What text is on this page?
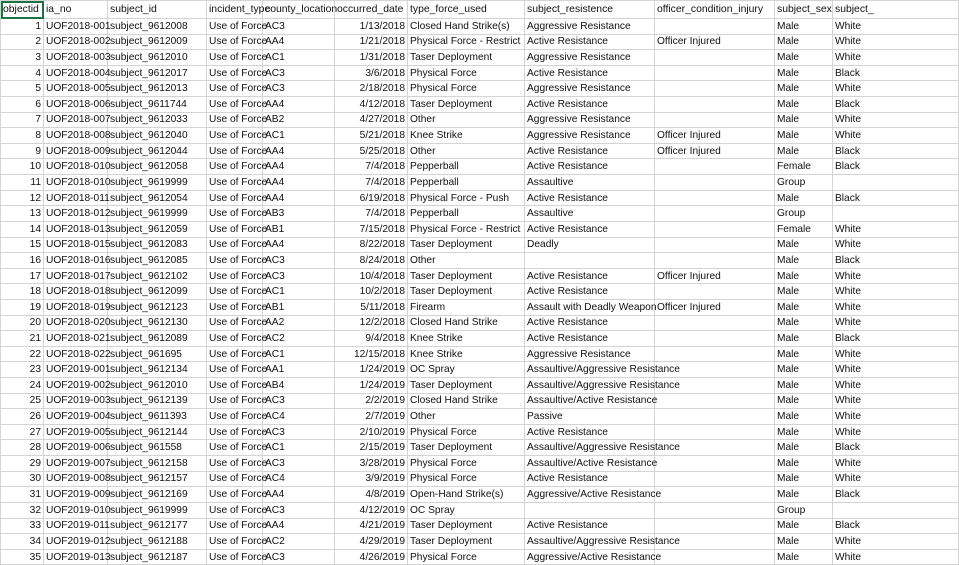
objectid	ia_no	subject_id	incident_type	county_location	occurred_date	type_force_used	subject_resistence	officer_condition_injury	subject_sex	subject_
1	UOF2018-001	subject_9612008	Use of Force	AC3	1/13/2018	Closed Hand Strike(s)	Aggressive Resistance		Male	White
2	UOF2018-002	subject_9612009	Use of Force	AA4	1/21/2018	Physical Force - Restrict	Active Resistance	Officer Injured	Male	White
3	UOF2018-003	subject_9612010	Use of Force	AC1	1/31/2018	Taser Deployment	Aggressive Resistance		Male	White
4	UOF2018-004	subject_9612017	Use of Force	AC3	3/6/2018	Physical Force	Active Resistance		Male	Black
5	UOF2018-005	subject_9612013	Use of Force	AC3	2/18/2018	Physical Force	Aggressive Resistance		Male	White
6	UOF2018-006	subject_9611744	Use of Force	AA4	4/12/2018	Taser Deployment	Active Resistance		Male	Black
7	UOF2018-007	subject_9612033	Use of Force	AB2	4/27/2018	Other	Aggressive Resistance		Male	White
8	UOF2018-008	subject_9612040	Use of Force	AC1	5/21/2018	Knee Strike	Aggressive Resistance	Officer Injured	Male	White
9	UOF2018-009	subject_9612044	Use of Force	AA4	5/25/2018	Other	Active Resistance	Officer Injured	Male	Black
10	UOF2018-010	subject_9612058	Use of Force	AA4	7/4/2018	Pepperball	Active Resistance		Female	Black
11	UOF2018-010	subject_9619999	Use of Force	AA4	7/4/2018	Pepperball	Assaultive		Group	
12	UOF2018-011	subject_9612054	Use of Force	AA4	6/19/2018	Physical Force - Push	Active Resistance		Male	Black
13	UOF2018-012	subject_9619999	Use of Force	AB3	7/4/2018	Pepperball	Assaultive		Group	
14	UOF2018-013	subject_9612059	Use of Force	AB1	7/15/2018	Physical Force - Restrict	Active Resistance		Female	White
15	UOF2018-015	subject_9612083	Use of Force	AA4	8/22/2018	Taser Deployment	Deadly		Male	White
16	UOF2018-016	subject_9612085	Use of Force	AC3	8/24/2018	Other			Male	Black
17	UOF2018-017	subject_9612102	Use of Force	AC3	10/4/2018	Taser Deployment	Active Resistance	Officer Injured	Male	White
18	UOF2018-018	subject_9612099	Use of Force	AC1	10/2/2018	Taser Deployment	Active Resistance		Male	White
19	UOF2018-019	subject_9612123	Use of Force	AB1	5/11/2018	Firearm	Assault with Deadly Weapon	Officer Injured	Male	White
20	UOF2018-020	subject_9612130	Use of Force	AA2	12/2/2018	Closed Hand Strike	Active Resistance		Male	White
21	UOF2018-021	subject_9612089	Use of Force	AC2	9/4/2018	Knee Strike	Active Resistance		Male	Black
22	UOF2018-022	subject_961695	Use of Force	AC1	12/15/2018	Knee Strike	Aggressive Resistance		Male	White
23	UOF2019-001	subject_9612134	Use of Force	AA1	1/24/2019	OC Spray	Assaultive/Aggressive Resistance		Male	White
24	UOF2019-002	subject_9612010	Use of Force	AB4	1/24/2019	Taser Deployment	Assaultive/Aggressive Resistance		Male	White
25	UOF2019-003	subject_9612139	Use of Force	AC3	2/2/2019	Closed Hand Strike	Assaultive/Active Resistance		Male	White
26	UOF2019-004	subject_9611393	Use of Force	AC4	2/7/2019	Other	Passive		Male	White
27	UOF2019-005	subject_9612144	Use of Force	AC3	2/10/2019	Physical Force	Active Resistance		Male	White
28	UOF2019-006	subject_961558	Use of Force	AC1	2/15/2019	Taser Deployment	Assaultive/Aggressive Resistance		Male	Black
29	UOF2019-007	subject_9612158	Use of Force	AC3	3/28/2019	Physical Force	Assaultive/Active Resistance		Male	White
30	UOF2019-008	subject_9612157	Use of Force	AC4	3/9/2019	Physical Force	Active Resistance		Male	White
31	UOF2019-009	subject_9612169	Use of Force	AA4	4/8/2019	Open-Hand Strike(s)	Aggressive/Active Resistance		Male	Black
32	UOF2019-010	subject_9619999	Use of Force	AC3	4/12/2019	OC Spray			Group	
33	UOF2019-011	subject_9612177	Use of Force	AA4	4/21/2019	Taser Deployment	Active Resistance		Male	Black
34	UOF2019-012	subject_9612188	Use of Force	AC2	4/29/2019	Taser Deployment	Assaultive/Aggressive Resistance		Male	White
35	UOF2019-013	subject_9612187	Use of Force	AC3	4/26/2019	Physical Force	Aggressive/Active Resistance		Male	White
